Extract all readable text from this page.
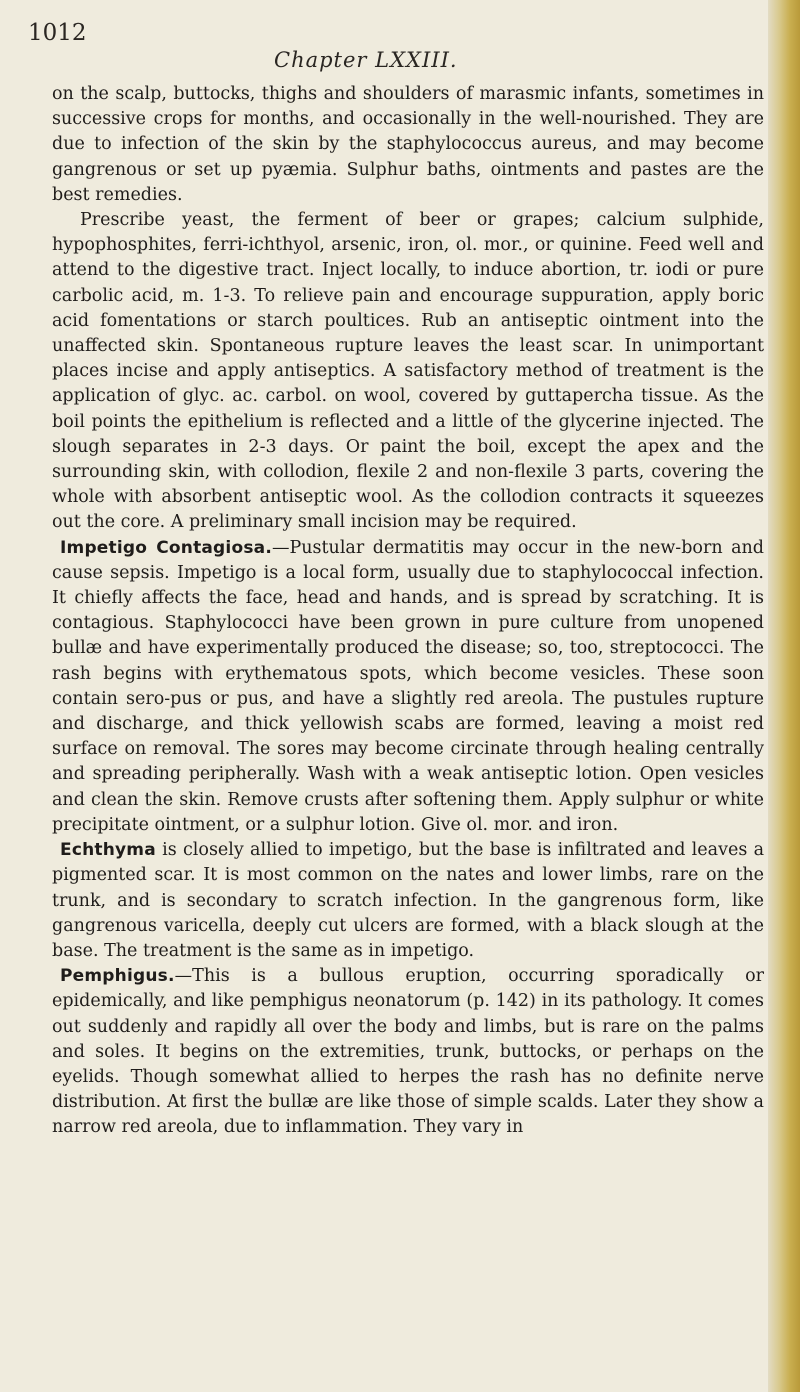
1012
Chapter LXXIII.

on the scalp, buttocks, thighs and shoulders of marasmic infants, sometimes in successive crops for months, and occasionally in the well-nourished. They are due to infection of the skin by the staphylococcus aureus, and may become gangrenous or set up pyæmia. Sulphur baths, ointments and pastes are the best remedies.

Prescribe yeast, the ferment of beer or grapes; calcium sulphide, hypophosphites, ferri-ichthyol, arsenic, iron, ol. mor., or quinine. Feed well and attend to the digestive tract. Inject locally, to induce abortion, tr. iodi or pure carbolic acid, m. 1-3. To relieve pain and encourage suppuration, apply boric acid fomentations or starch poultices. Rub an antiseptic ointment into the unaffected skin. Spontaneous rupture leaves the least scar. In unimportant places incise and apply antiseptics. A satisfactory method of treatment is the application of glyc. ac. carbol. on wool, covered by guttapercha tissue. As the boil points the epithelium is reflected and a little of the glycerine injected. The slough separates in 2-3 days. Or paint the boil, except the apex and the surrounding skin, with collodion, flexile 2 and non-flexile 3 parts, covering the whole with absorbent antiseptic wool. As the collodion contracts it squeezes out the core. A preliminary small incision may be required.

Impetigo Contagiosa.—Pustular dermatitis may occur in the new-born and cause sepsis. Impetigo is a local form, usually due to staphylococcal infection. It chiefly affects the face, head and hands, and is spread by scratching. It is contagious. Staphylococci have been grown in pure culture from unopened bullæ and have experimentally produced the disease; so, too, streptococci. The rash begins with erythematous spots, which become vesicles. These soon contain sero-pus or pus, and have a slightly red areola. The pustules rupture and discharge, and thick yellowish scabs are formed, leaving a moist red surface on removal. The sores may become circinate through healing centrally and spreading peripherally. Wash with a weak antiseptic lotion. Open vesicles and clean the skin. Remove crusts after softening them. Apply sulphur or white precipitate ointment, or a sulphur lotion. Give ol. mor. and iron.

Echthyma is closely allied to impetigo, but the base is infiltrated and leaves a pigmented scar. It is most common on the nates and lower limbs, rare on the trunk, and is secondary to scratch infection. In the gangrenous form, like gangrenous varicella, deeply cut ulcers are formed, with a black slough at the base. The treatment is the same as in impetigo.

Pemphigus.—This is a bullous eruption, occurring sporadically or epidemically, and like pemphigus neonatorum (p. 142) in its pathology. It comes out suddenly and rapidly all over the body and limbs, but is rare on the palms and soles. It begins on the extremities, trunk, buttocks, or perhaps on the eyelids. Though somewhat allied to herpes the rash has no definite nerve distribution. At first the bullæ are like those of simple scalds. Later they show a narrow red areola, due to inflammation. They vary in
